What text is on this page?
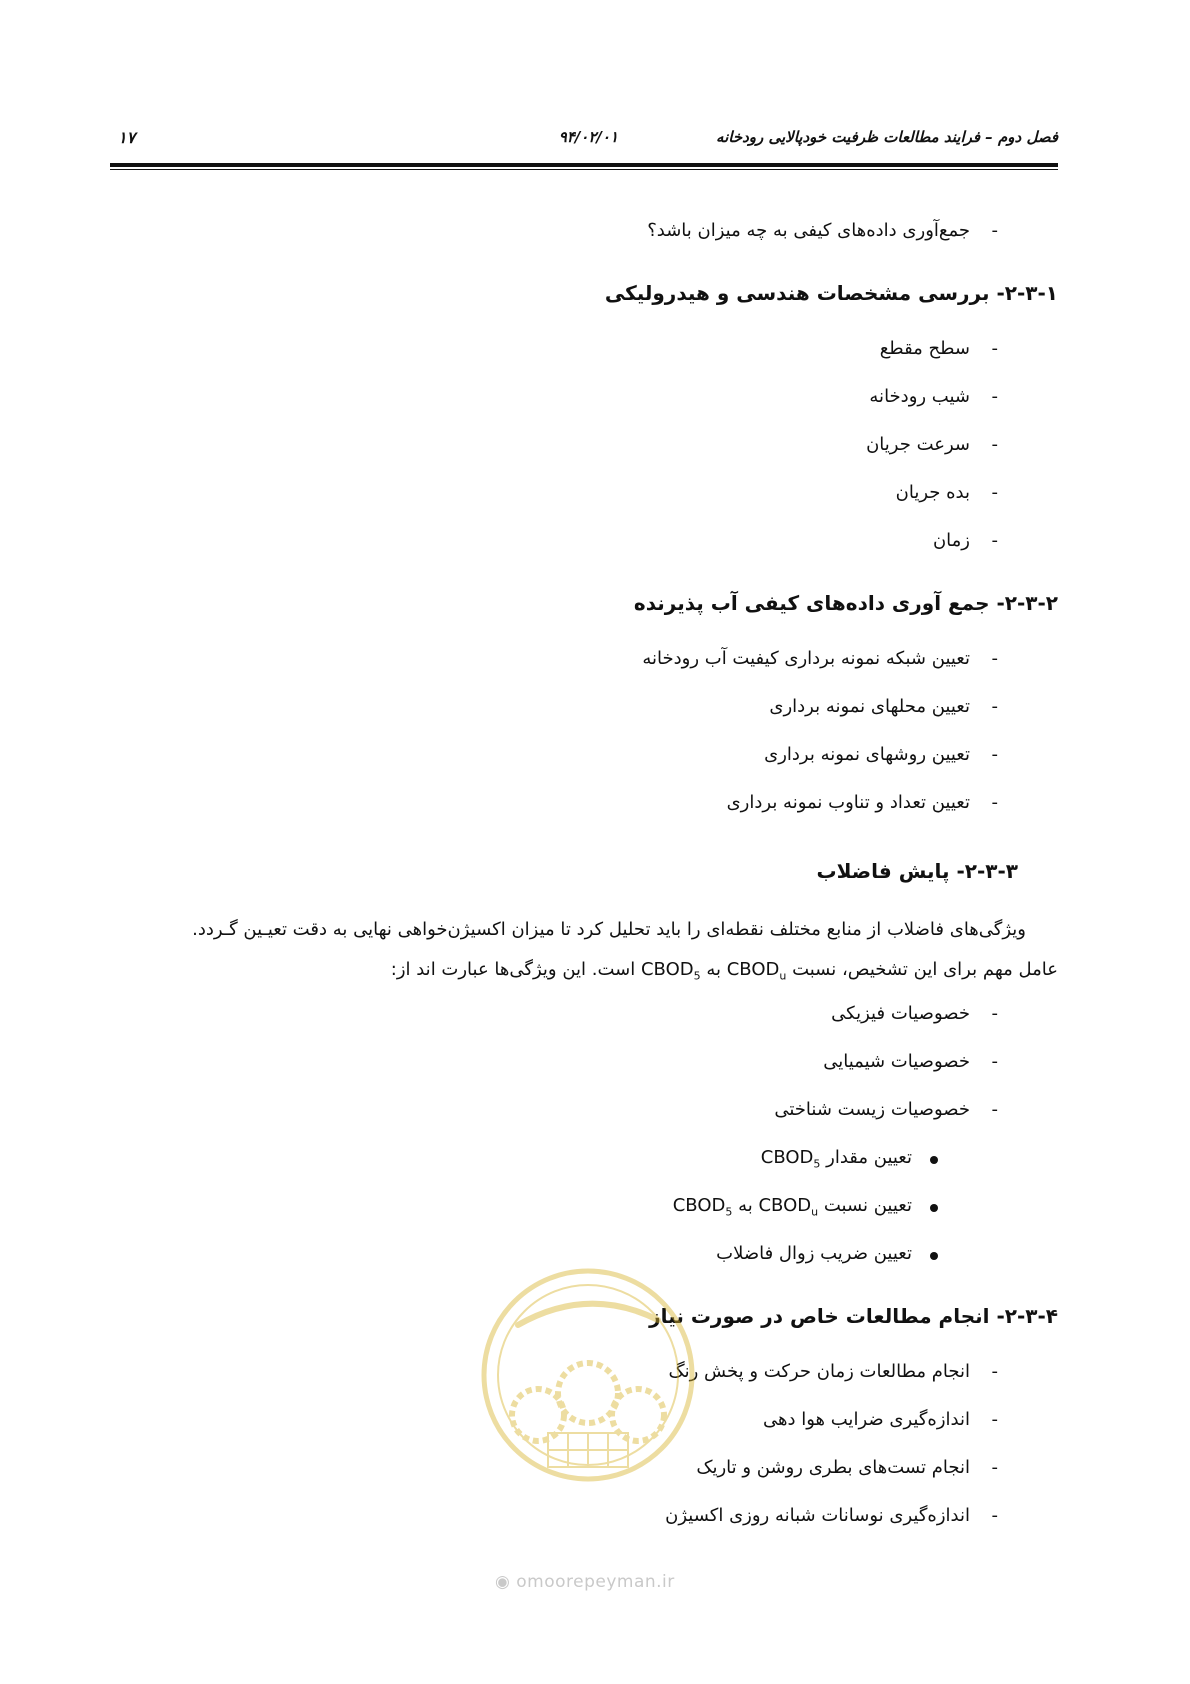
فصل دوم – فرایند مطالعات ظرفیت خودپالایی رودخانه
۹۴/۰۲/۰۱
۱۷
-
جمع‌آوری داده‌های کیفی به چه میزان باشد؟
۲-۳-۱- بررسی مشخصات هندسی و هیدرولیکی
-
سطح مقطع
-
شیب رودخانه
-
سرعت جریان
-
بده جریان
-
زمان
۲-۳-۲- جمع آوری داده‌های کیفی آب پذیرنده
-
تعیین شبکه نمونه برداری کیفیت آب رودخانه
-
تعیین محلهای نمونه برداری
-
تعیین روشهای نمونه برداری
-
تعیین تعداد و تناوب نمونه برداری
۲-۳-۳- پایش فاضلاب
ویژگی‌های فاضلاب از منابع مختلف نقطه‌ای را باید تحلیل کرد تا میزان اکسیژن‌خواهی نهایی به دقت تعیـین گـردد.
عامل مهم برای این تشخیص، نسبت $CBOD_u$ به $CBOD_5$ است. این ویژگی‌ها عبارت اند از:
-
خصوصیات فیزیکی
-
خصوصیات شیمیایی
-
خصوصیات زیست شناختی
تعیین مقدار $CBOD_5$
تعیین نسبت $CBOD_u$ به $CBOD_5$
تعیین ضریب زوال فاضلاب
۲-۳-۴- انجام مطالعات خاص در صورت نیاز
-
انجام مطالعات زمان حرکت و پخش رنگ
-
اندازه‌گیری ضرایب هوا دهی
-
انجام تست‌های بطری روشن و تاریک
-
اندازه‌گیری نوسانات شبانه روزی اکسیژن
◉ omoorepeyman.ir
